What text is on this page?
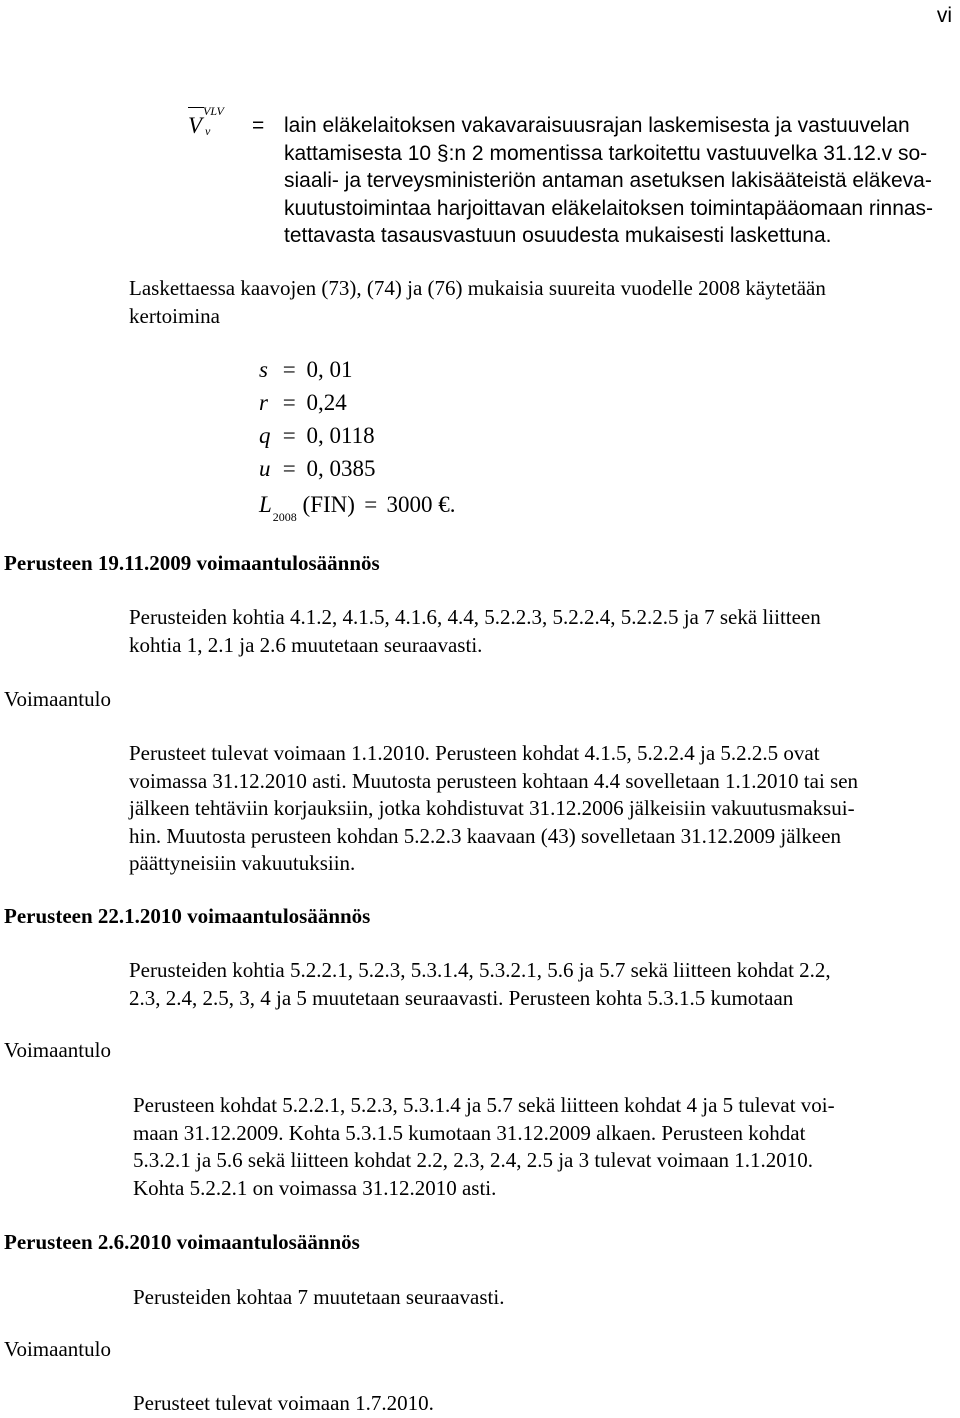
vi
V
VLV
v = lain eläkelaitoksen vakavaraisuusrajan laskemisesta ja vastuuvelan
kattamisesta 10 §:n 2 momentissa tarkoitettu vastuuvelka 31.12.v so-
siaali- ja terveysministeriön antaman asetuksen lakisääteistä eläkeva-
kuutustoimintaa harjoittavan eläkelaitoksen toimintapääomaan rinnas-
tettavasta tasausvastuun osuudesta mukaisesti laskettuna.
Laskettaessa kaavojen (73), (74) ja (76) mukaisia suureita vuodelle 2008 käytetään
kertoimina
s = 0, 01
r = 0,24
q = 0, 0118
u = 0, 0385
$L_{2008}$ (FIN) = 3000 €.
Perusteen 19.11.2009 voimaantulosäännös
Perusteiden kohtia 4.1.2, 4.1.5, 4.1.6, 4.4, 5.2.2.3, 5.2.2.4, 5.2.2.5 ja 7 sekä liitteen
kohtia 1, 2.1 ja 2.6 muutetaan seuraavasti.
Voimaantulo
Perusteet tulevat voimaan 1.1.2010. Perusteen kohdat 4.1.5, 5.2.2.4 ja 5.2.2.5 ovat
voimassa 31.12.2010 asti. Muutosta perusteen kohtaan 4.4 sovelletaan 1.1.2010 tai sen
jälkeen tehtäviin korjauksiin, jotka kohdistuvat 31.12.2006 jälkeisiin vakuutusmaksui-
hin. Muutosta perusteen kohdan 5.2.2.3 kaavaan (43) sovelletaan 31.12.2009 jälkeen
päättyneisiin vakuutuksiin.
Perusteen 22.1.2010 voimaantulosäännös
Perusteiden kohtia 5.2.2.1, 5.2.3, 5.3.1.4, 5.3.2.1, 5.6 ja 5.7 sekä liitteen kohdat 2.2,
2.3, 2.4, 2.5, 3, 4 ja 5 muutetaan seuraavasti. Perusteen kohta 5.3.1.5 kumotaan
Voimaantulo
Perusteen kohdat 5.2.2.1, 5.2.3, 5.3.1.4 ja 5.7 sekä liitteen kohdat 4 ja 5 tulevat voi-
maan 31.12.2009. Kohta 5.3.1.5 kumotaan 31.12.2009 alkaen. Perusteen kohdat
5.3.2.1 ja 5.6 sekä liitteen kohdat 2.2, 2.3, 2.4, 2.5 ja 3 tulevat voimaan 1.1.2010.
Kohta 5.2.2.1 on voimassa 31.12.2010 asti.
Perusteen 2.6.2010 voimaantulosäännös
Perusteiden kohtaa 7 muutetaan seuraavasti.
Voimaantulo
Perusteet tulevat voimaan 1.7.2010.
